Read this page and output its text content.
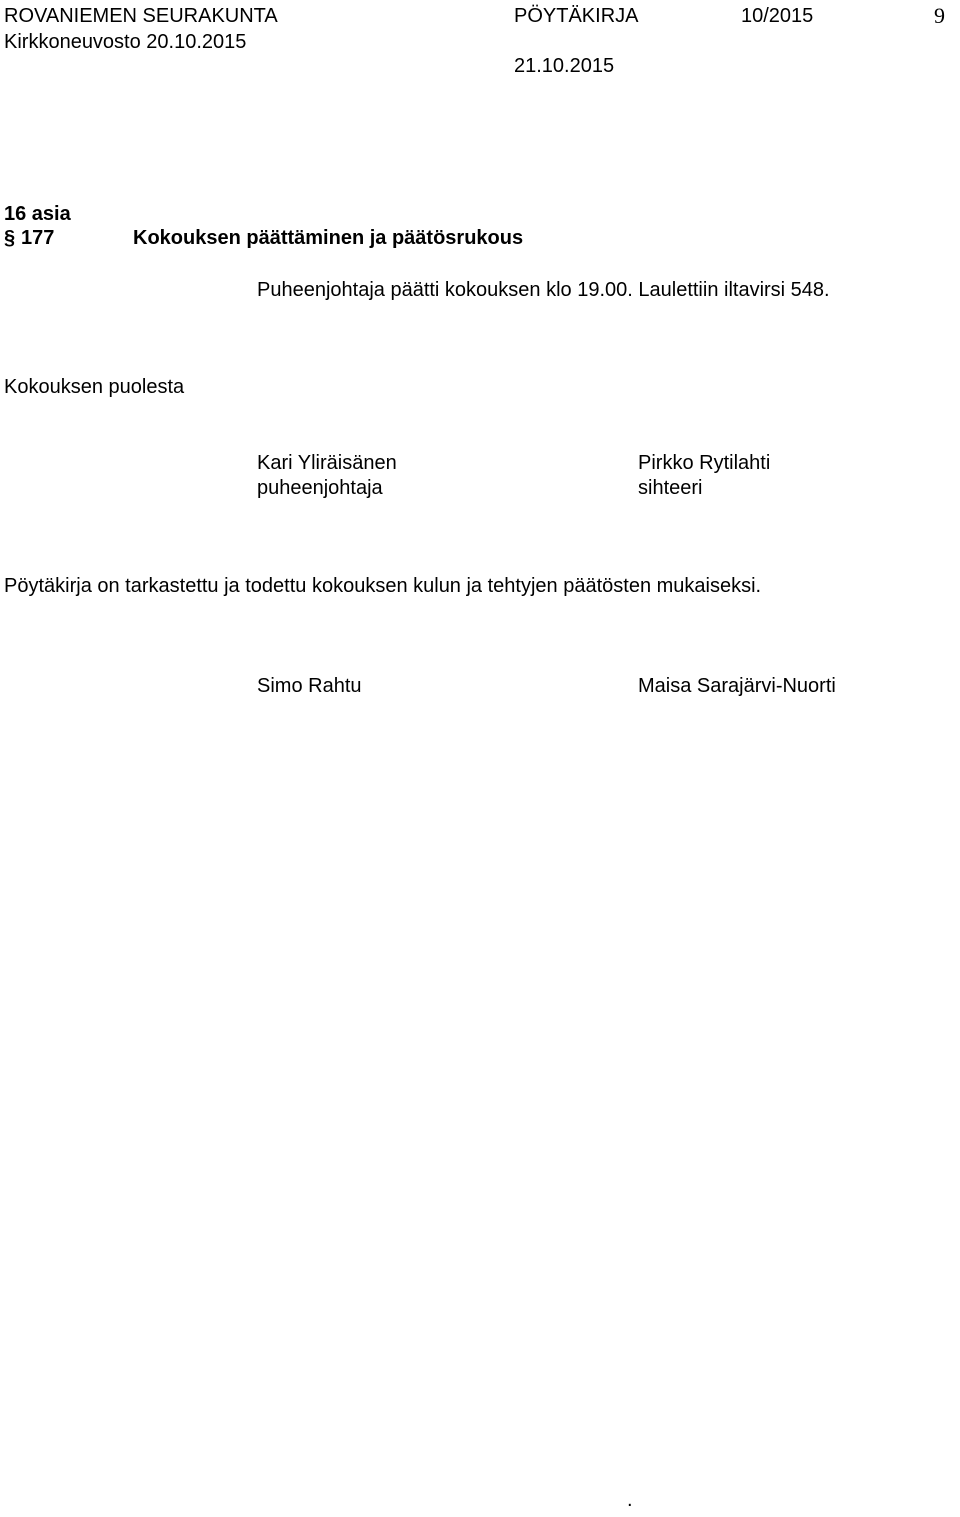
ROVANIEMEN SEURAKUNTA	PÖYTÄKIRJA	10/2015	9
Kirkkoneuvosto 20.10.2015
21.10.2015
16 asia
§ 177	Kokouksen päättäminen ja päätösrukous
Puheenjohtaja päätti kokouksen klo 19.00. Laulettiin iltavirsi 548.
Kokouksen puolesta
Kari Yliräisänen
puheenjohtaja
Pirkko Rytilahti
sihteeri
Pöytäkirja on tarkastettu ja todettu kokouksen kulun ja tehtyjen päätösten mukaiseksi.
Simo Rahtu	Maisa Sarajärvi-Nuorti
.
